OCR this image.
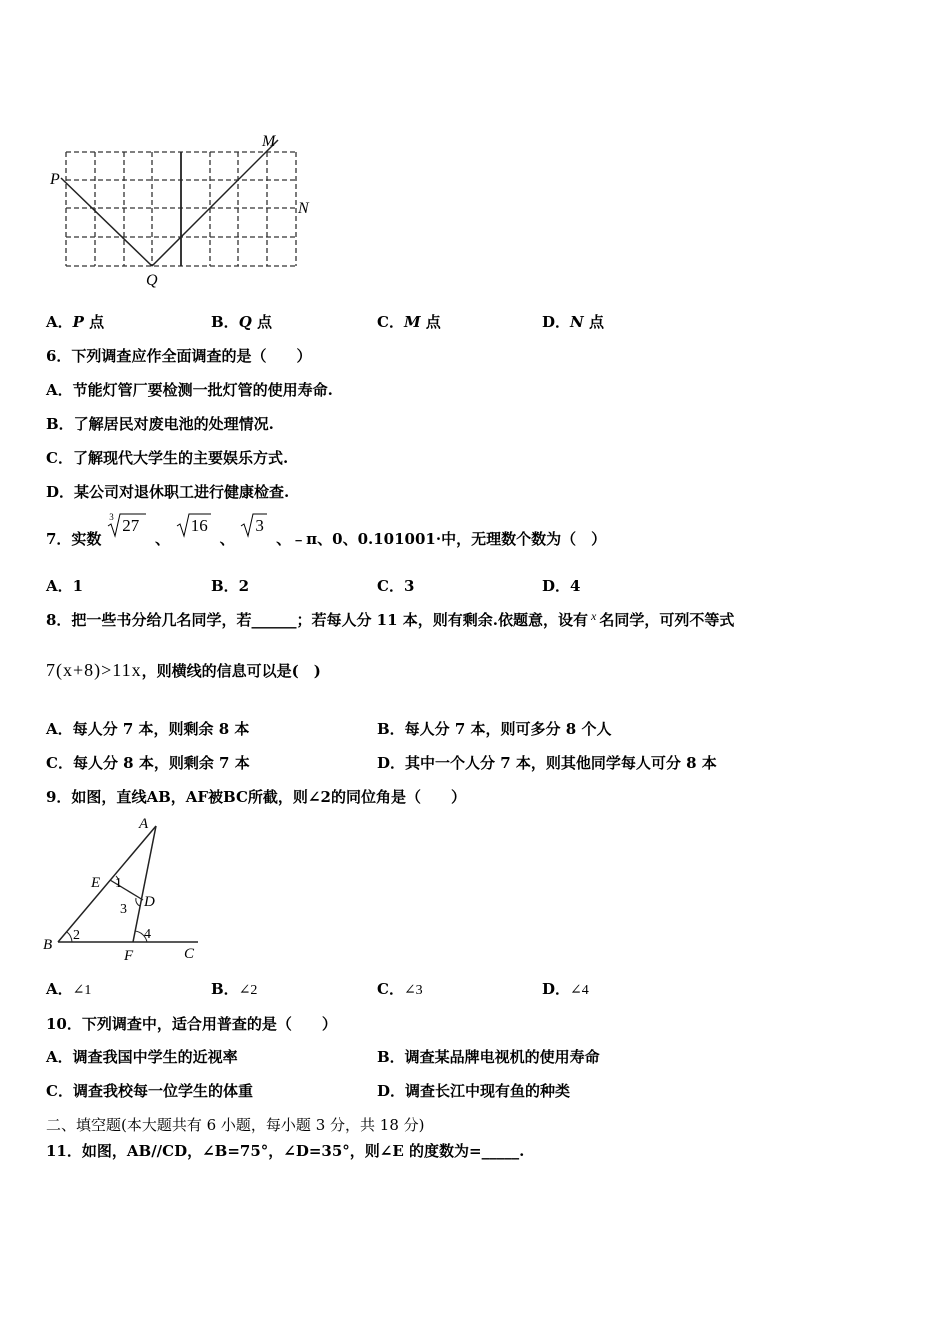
P
Q
M
N
A．P 点	B．Q 点	C．M 点	D．N 点
6．下列调查应作全面调查的是（　　）
A．节能灯管厂要检测一批灯管的使用寿命.
B．了解居民对废电池的处理情况.
C．了解现代大学生的主要娱乐方式.
D．某公司对退休职工进行健康检查.
7．实数
3 27
、
16
、
3
、﹣π、0、0.101001·中，无理数个数为（　）
A．1	B．2	C．3	D．4
8．把一些书分给几名同学，若______；若每人分 11 本，则有剩余.依题意，设有 $^x$ 名同学，可列不等式
7(x+8)>11x，则横线的信息可以是(　)
A．每人分 7 本，则剩余 8 本	B．每人分 7 本，则可多分 8 个人
C．每人分 8 本，则剩余 7 本	D．其中一个人分 7 本，则其他同学每人可分 8 本
9．如图，直线AB，AF被BC所截，则∠2的同位角是（　　）
A
E 1
D
3
4
2
B
F	C
A．∠1	B．∠2	C．∠3	D．∠4
10．下列调查中，适合用普查的是（　　）
A．调查我国中学生的近视率	B．调查某品牌电视机的使用寿命
C．调查我校每一位学生的体重	D．调查长江中现有鱼的种类
二、填空题(本大题共有 6 小题，每小题 3 分，共 18 分)
11．如图，AB//CD，∠B=75°，∠D=35°，则∠E 的度数为=_____.
